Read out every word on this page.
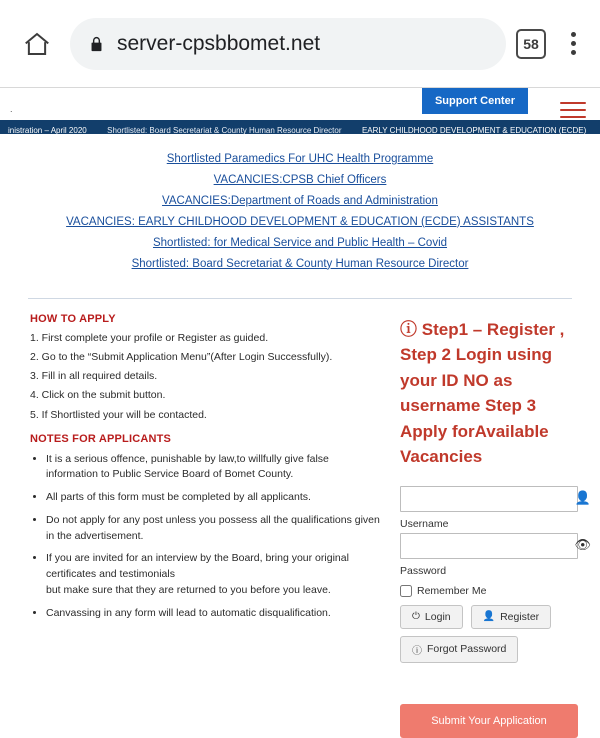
server-cpsbbomet.net	58
.
Support Center
inistration – April 2020	Shortlisted: Board Secretariat & County Human Resource Director	EARLY CHILDHOOD DEVELOPMENT & EDUCATION (ECDE)
Shortlisted Paramedics For UHC Health Programme
VACANCIES:CPSB Chief Officers
VACANCIES:Department of Roads and Administration
VACANCIES: EARLY CHILDHOOD DEVELOPMENT & EDUCATION (ECDE) ASSISTANTS
Shortlisted: for Medical Service and Public Health – Covid
Shortlisted: Board Secretariat & County Human Resource Director
HOW TO APPLY
1. First complete your profile or Register as guided.
2. Go to the “Submit Application Menu”(After Login Successfully).
3. Fill in all required details.
4. Click on the submit button.
5. If Shortlisted your will be contacted.
NOTES FOR APPLICANTS
• It is a serious offence, punishable by law,to willfully give false information to Public Service Board of Bomet County.
• All parts of this form must be completed by all applicants.
• Do not apply for any post unless you possess all the qualifications given in the advertisement.
• If you are invited for an interview by the Board, bring your original certificates and testimonials
but make sure that they are returned to you before you leave.
• Canvassing in any form will lead to automatic disqualification.
ⓘ Step1 – Register , Step 2 Login using your ID NO as username Step 3 Apply forAvailable Vacancies
👤
Username
👁
Password
Remember Me
⏻ Login	👤 Register
ⓘ Forgot Password
Submit Your Application
